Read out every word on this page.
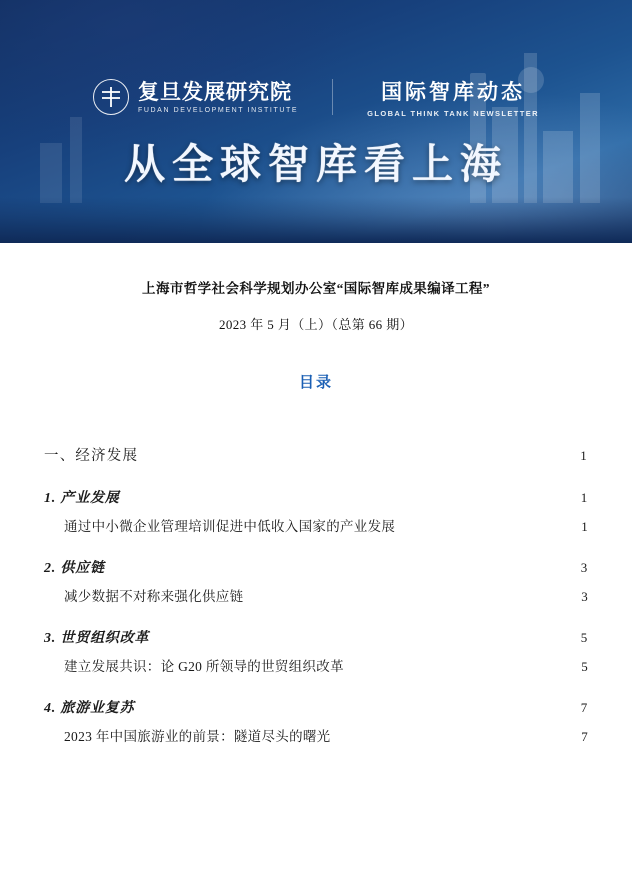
复旦发展研究院
FUDAN DEVELOPMENT INSTITUTE
国际智库动态
GLOBAL THINK TANK NEWSLETTER
从全球智库看上海
上海市哲学社会科学规划办公室“国际智库成果编译工程”
2023 年 5 月（上）（总第 66 期）
目录
一、经济发展	1
1. 产业发展	1
通过中小微企业管理培训促进中低收入国家的产业发展	1
2. 供应链	3
减少数据不对称来强化供应链	3
3. 世贸组织改革	5
建立发展共识：论 G20 所领导的世贸组织改革	5
4. 旅游业复苏	7
2023 年中国旅游业的前景：隧道尽头的曙光	7
